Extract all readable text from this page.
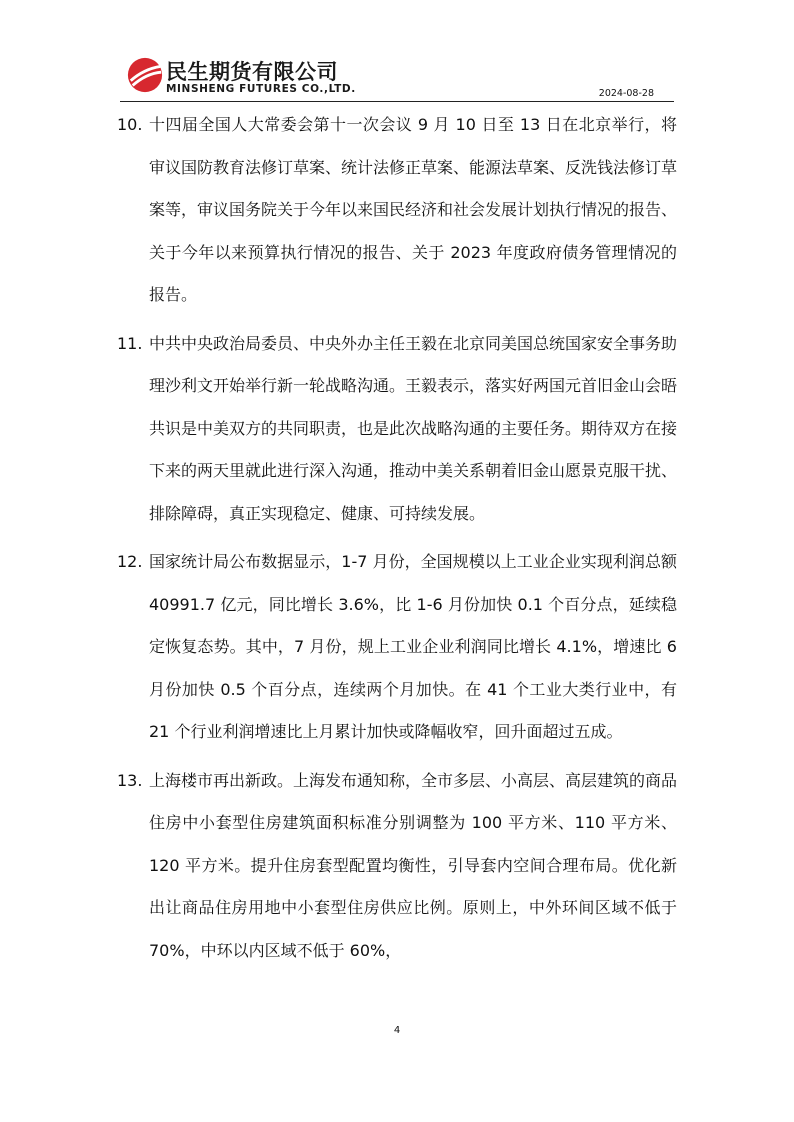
民生期货有限公司
MINSHENG FUTURES CO.,LTD.	2024-08-28
10. 十四届全国人大常委会第十一次会议 9 月 10 日至 13 日在北京举行，将审议国防教育法修订草案、统计法修正草案、能源法草案、反洗钱法修订草案等，审议国务院关于今年以来国民经济和社会发展计划执行情况的报告、关于今年以来预算执行情况的报告、关于 2023 年度政府债务管理情况的报告。
11. 中共中央政治局委员、中央外办主任王毅在北京同美国总统国家安全事务助理沙利文开始举行新一轮战略沟通。王毅表示，落实好两国元首旧金山会晤共识是中美双方的共同职责，也是此次战略沟通的主要任务。期待双方在接下来的两天里就此进行深入沟通，推动中美关系朝着旧金山愿景克服干扰、排除障碍，真正实现稳定、健康、可持续发展。
12. 国家统计局公布数据显示，1-7 月份，全国规模以上工业企业实现利润总额 40991.7 亿元，同比增长 3.6%，比 1-6 月份加快 0.1 个百分点，延续稳定恢复态势。其中，7 月份，规上工业企业利润同比增长 4.1%，增速比 6 月份加快 0.5 个百分点，连续两个月加快。在 41 个工业大类行业中，有 21 个行业利润增速比上月累计加快或降幅收窄，回升面超过五成。
13. 上海楼市再出新政。上海发布通知称，全市多层、小高层、高层建筑的商品住房中小套型住房建筑面积标准分别调整为 100 平方米、110 平方米、120 平方米。提升住房套型配置均衡性，引导套内空间合理布局。优化新出让商品住房用地中小套型住房供应比例。原则上，中外环间区域不低于 70%，中环以内区域不低于 60%，
4
